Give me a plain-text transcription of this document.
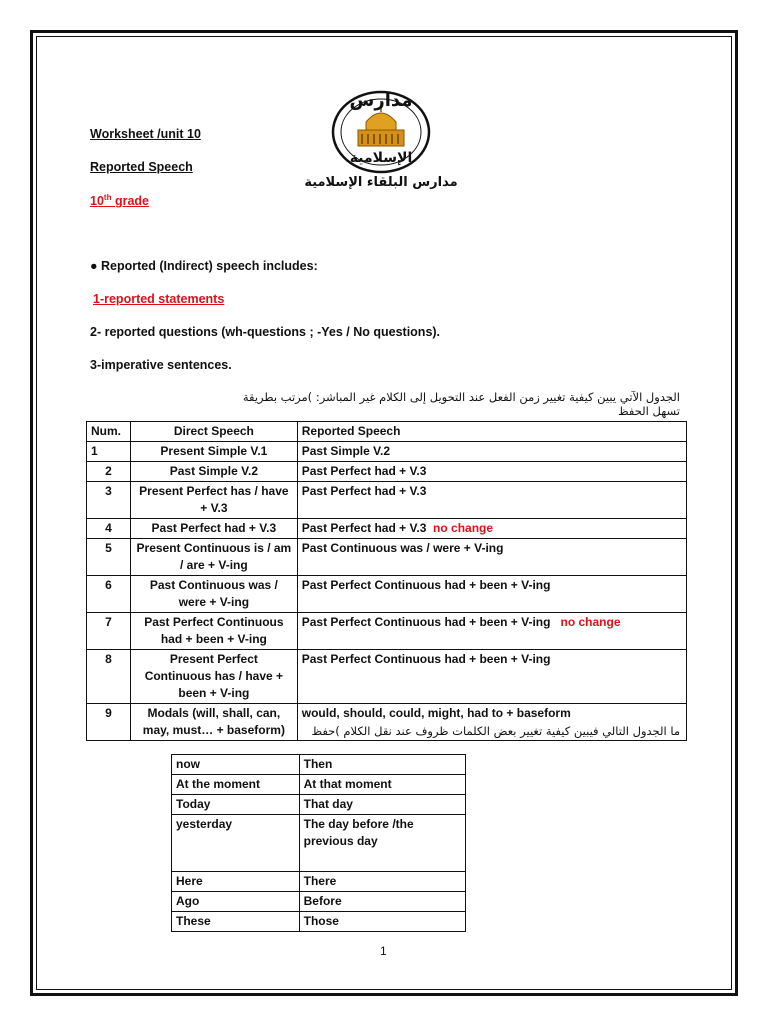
مدارس
الإسلامية
مدارس البلقاء الإسلامية
Worksheet /unit 10
Reported Speech
10th grade
● Reported (Indirect) speech includes:
1-reported statements
2- reported questions (wh-questions ; -Yes / No questions).
3-imperative sentences.
الجدول الآتي يبين كيفية تغيير زمن الفعل عند التحويل إلى الكلام غير المباشر: )مرتب بطريقة تسهل الحفظ
Num.	Direct Speech	Reported Speech
1	Present Simple V.1	Past Simple V.2
2	Past Simple V.2	Past Perfect had + V.3
3	Present Perfect has / have + V.3	Past Perfect had + V.3
4	Past Perfect had + V.3	Past Perfect had + V.3 no change
5	Present Continuous is / am / are + V-ing	Past Continuous was / were + V-ing
6	Past Continuous was / were + V-ing	Past Perfect Continuous had + been + V-ing
7	Past Perfect Continuous had + been + V-ing	Past Perfect Continuous had + been + V-ing no change
8	Present Perfect Continuous has / have + been + V-ing	Past Perfect Continuous had + been + V-ing
9	Modals (will, shall, can, may, must… + baseform)	would, should, could, might, had to + baseform
ما الجدول التالي فيبين كيفية تغيير بعض الكلمات ظروف عند نقل الكلام )حفظ
now	Then
At the moment	At that moment
Today	That day
yesterday	The day before /the previous day
Here	There
Ago	Before
These	Those
1
